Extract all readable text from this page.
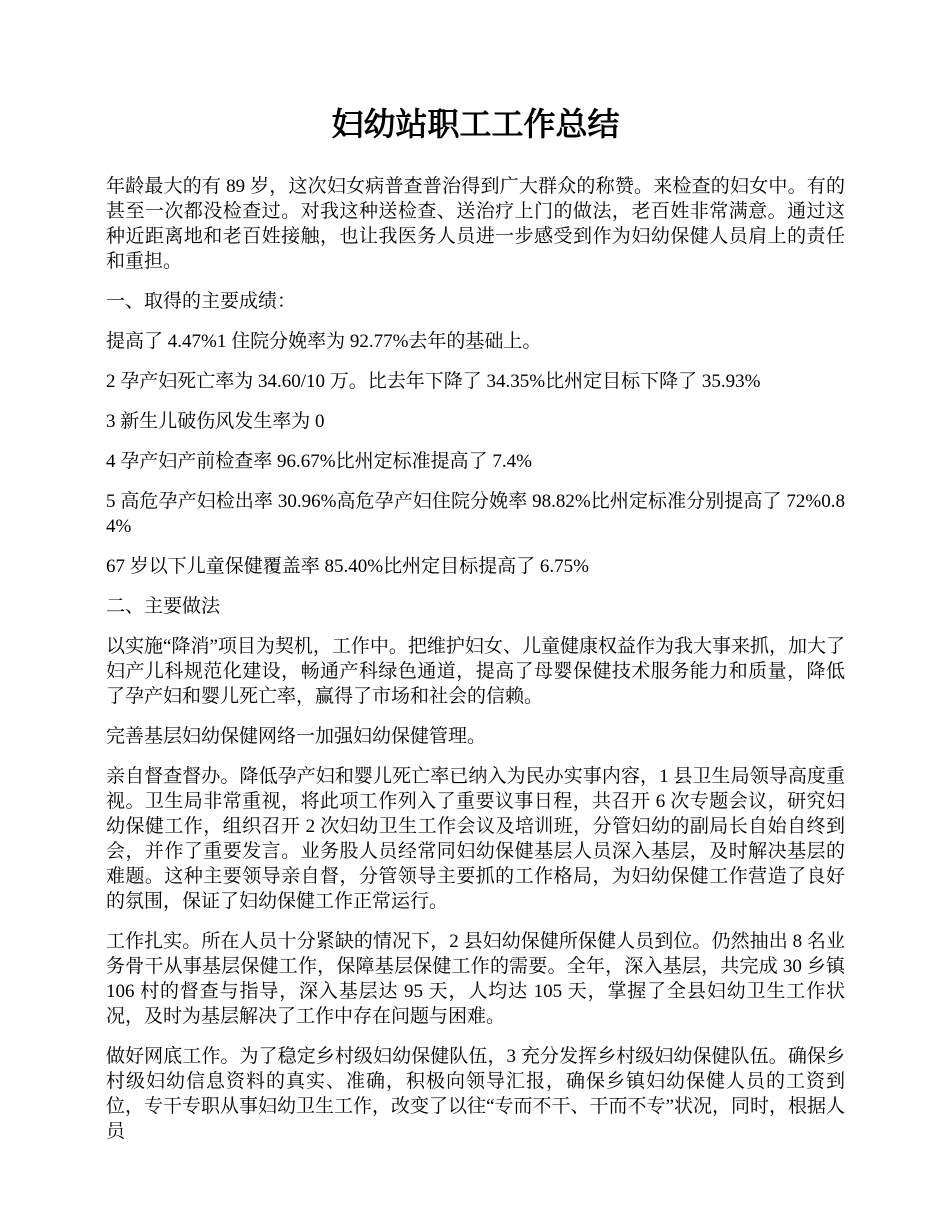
妇幼站职工工作总结

年龄最大的有 89 岁，这次妇女病普查普治得到广大群众的称赞。来检查的妇女中。有的甚至一次都没检查过。对我这种送检查、送治疗上门的做法，老百姓非常满意。通过这种近距离地和老百姓接触，也让我医务人员进一步感受到作为妇幼保健人员肩上的责任和重担。

一、取得的主要成绩：

提高了 4.47%1 住院分娩率为 92.77%去年的基础上。

2 孕产妇死亡率为 34.60/10 万。比去年下降了 34.35%比州定目标下降了 35.93%

3 新生儿破伤风发生率为 0

4 孕产妇产前检查率 96.67%比州定标准提高了 7.4%

5 高危孕产妇检出率 30.96%高危孕产妇住院分娩率 98.82%比州定标准分别提高了 72%0.84%

67 岁以下儿童保健覆盖率 85.40%比州定目标提高了 6.75%

二、主要做法

以实施“降消”项目为契机，工作中。把维护妇女、儿童健康权益作为我大事来抓，加大了妇产儿科规范化建设，畅通产科绿色通道，提高了母婴保健技术服务能力和质量，降低了孕产妇和婴儿死亡率，赢得了市场和社会的信赖。

完善基层妇幼保健网络一加强妇幼保健管理。

亲自督查督办。降低孕产妇和婴儿死亡率已纳入为民办实事内容，1 县卫生局领导高度重视。卫生局非常重视，将此项工作列入了重要议事日程，共召开 6 次专题会议，研究妇幼保健工作，组织召开 2 次妇幼卫生工作会议及培训班，分管妇幼的副局长自始自终到会，并作了重要发言。业务股人员经常同妇幼保健基层人员深入基层，及时解决基层的难题。这种主要领导亲自督，分管领导主要抓的工作格局，为妇幼保健工作营造了良好的氛围，保证了妇幼保健工作正常运行。

工作扎实。所在人员十分紧缺的情况下，2 县妇幼保健所保健人员到位。仍然抽出 8 名业务骨干从事基层保健工作，保障基层保健工作的需要。全年，深入基层，共完成 30 乡镇 106 村的督查与指导，深入基层达 95 天，人均达 105 天，掌握了全县妇幼卫生工作状况，及时为基层解决了工作中存在问题与困难。

做好网底工作。为了稳定乡村级妇幼保健队伍，3 充分发挥乡村级妇幼保健队伍。确保乡村级妇幼信息资料的真实、准确，积极向领导汇报，确保乡镇妇幼保健人员的工资到位，专干专职从事妇幼卫生工作，改变了以往“专而不干、干而不专”状况，同时，根据人员
